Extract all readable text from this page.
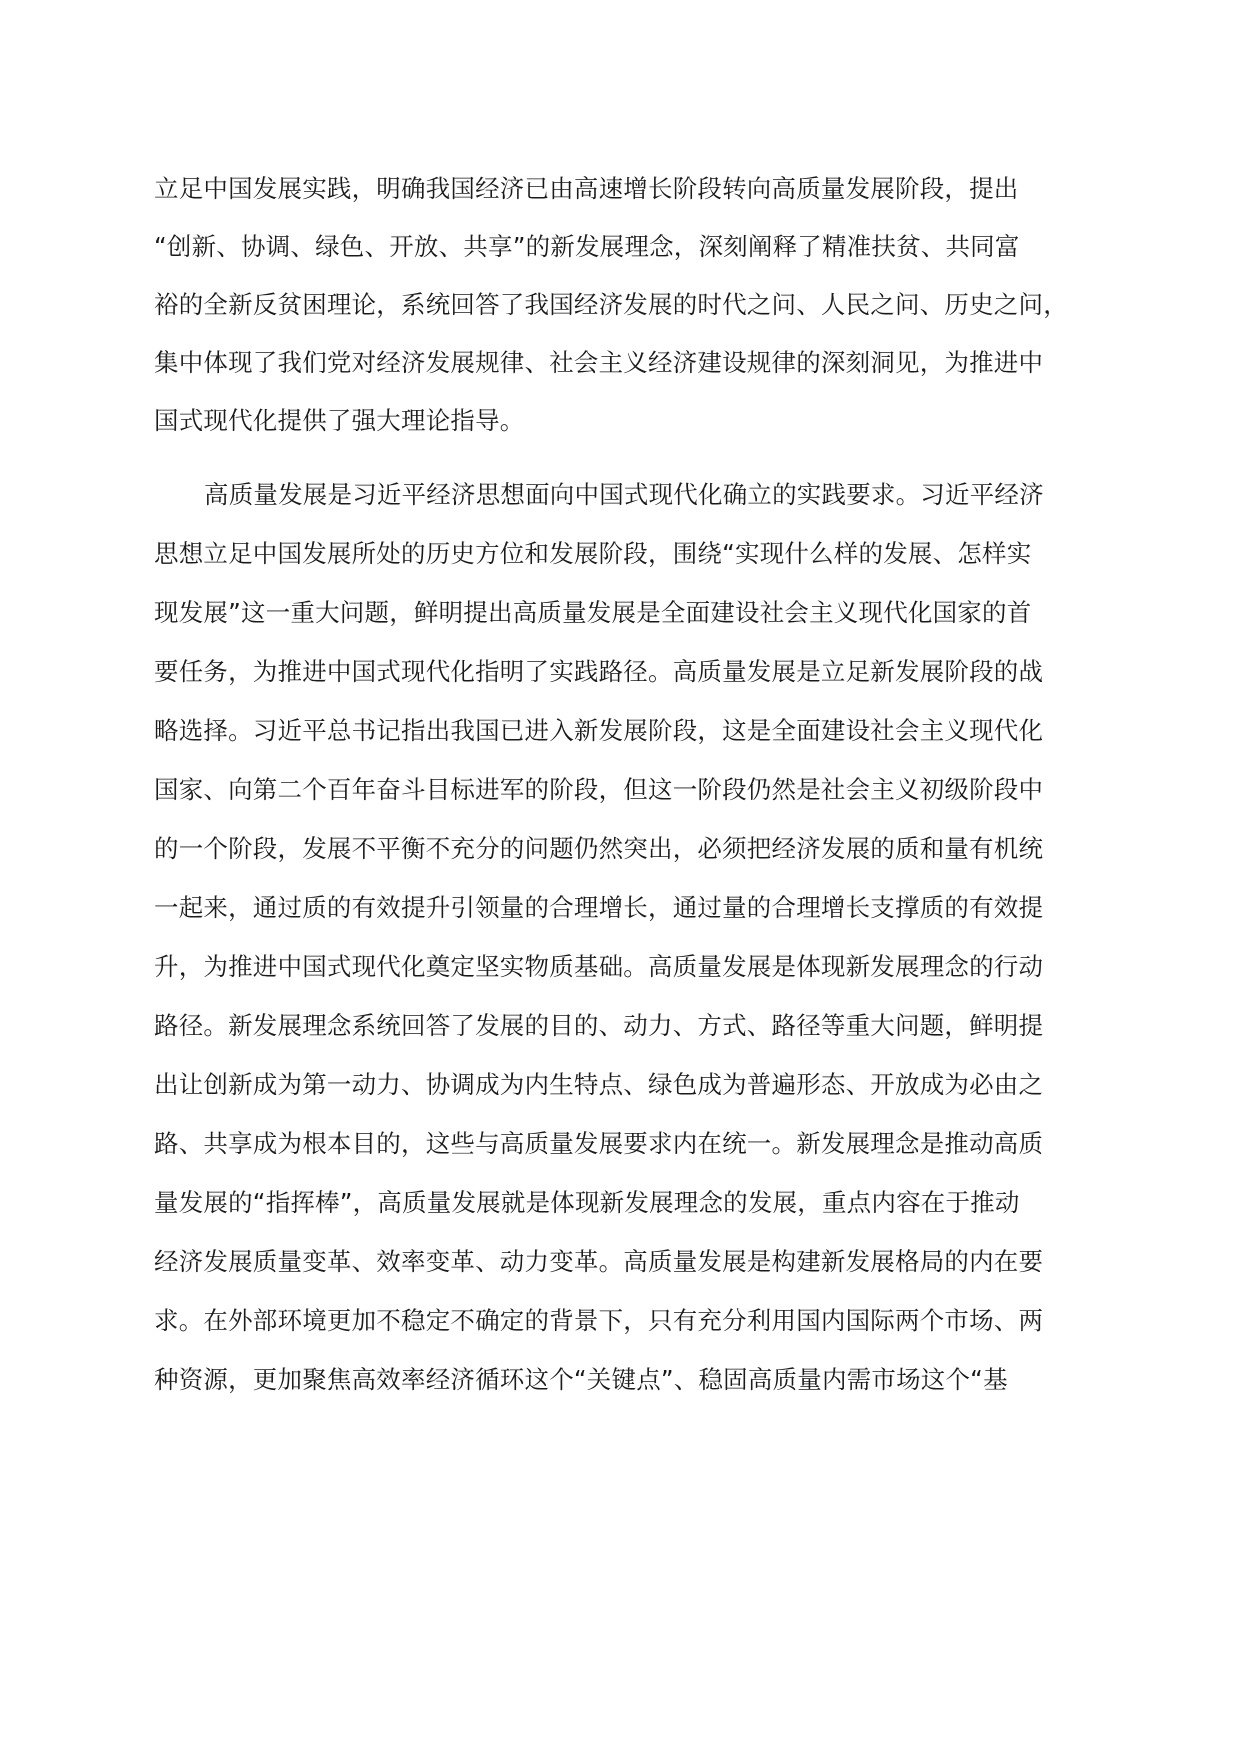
立足中国发展实践，明确我国经济已由高速增长阶段转向高质量发展阶段，提出

“创新、协调、绿色、开放、共享”的新发展理念，深刻阐释了精准扶贫、共同富

裕的全新反贫困理论，系统回答了我国经济发展的时代之问、人民之问、历史之问，

集中体现了我们党对经济发展规律、社会主义经济建设规律的深刻洞见，为推进中

国式现代化提供了强大理论指导。

高质量发展是习近平经济思想面向中国式现代化确立的实践要求。习近平经济

思想立足中国发展所处的历史方位和发展阶段，围绕“实现什么样的发展、怎样实

现发展”这一重大问题，鲜明提出高质量发展是全面建设社会主义现代化国家的首

要任务，为推进中国式现代化指明了实践路径。高质量发展是立足新发展阶段的战

略选择。习近平总书记指出我国已进入新发展阶段，这是全面建设社会主义现代化

国家、向第二个百年奋斗目标进军的阶段，但这一阶段仍然是社会主义初级阶段中

的一个阶段，发展不平衡不充分的问题仍然突出，必须把经济发展的质和量有机统

一起来，通过质的有效提升引领量的合理增长，通过量的合理增长支撑质的有效提

升，为推进中国式现代化奠定坚实物质基础。高质量发展是体现新发展理念的行动

路径。新发展理念系统回答了发展的目的、动力、方式、路径等重大问题，鲜明提

出让创新成为第一动力、协调成为内生特点、绿色成为普遍形态、开放成为必由之

路、共享成为根本目的，这些与高质量发展要求内在统一。新发展理念是推动高质

量发展的“指挥棒”，高质量发展就是体现新发展理念的发展，重点内容在于推动

经济发展质量变革、效率变革、动力变革。高质量发展是构建新发展格局的内在要

求。在外部环境更加不稳定不确定的背景下，只有充分利用国内国际两个市场、两

种资源，更加聚焦高效率经济循环这个“关键点”、稳固高质量内需市场这个“基
